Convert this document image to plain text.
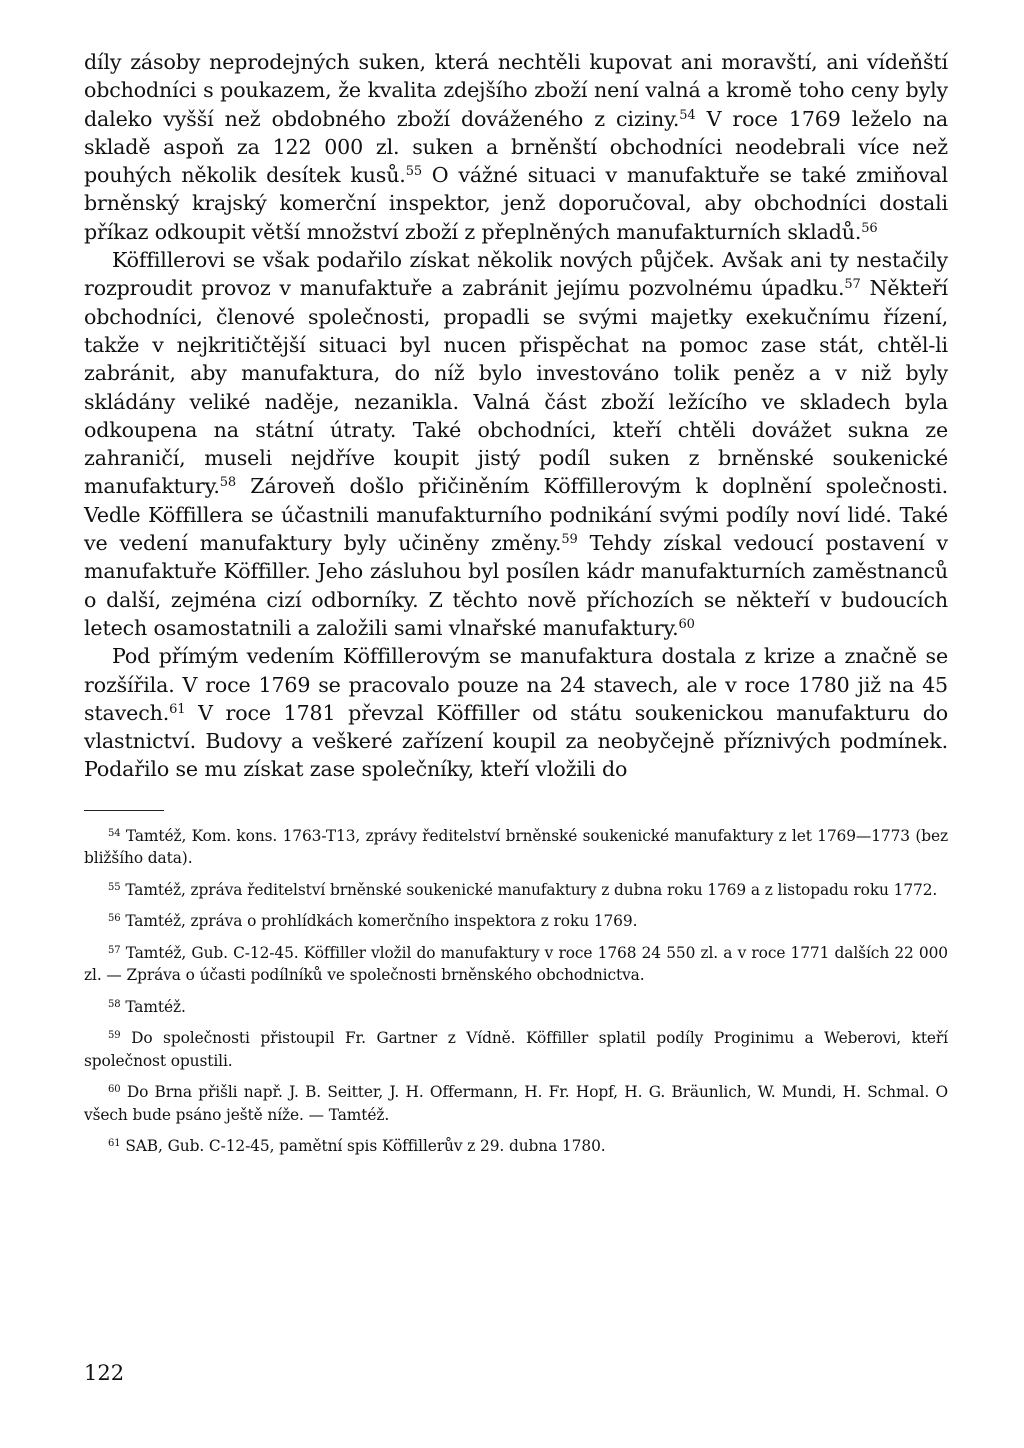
díly zásoby neprodejných suken, která nechtěli kupovat ani moravští, ani vídeňští obchodníci s poukazem, že kvalita zdejšího zboží není valná a kromě toho ceny byly daleko vyšší než obdobného zboží dováženého z ciziny.$^{54}$ V roce 1769 leželo na skladě aspoň za 122 000 zl. suken a brněnští obchodníci neodebrali více než pouhých několik desítek kusů.$^{55}$ O vážné situaci v manufaktuře se také zmiňoval brněnský krajský komerční inspektor, jenž doporučoval, aby obchodníci dostali příkaz odkoupit větší množství zboží z přeplněných manufakturních skladů.$^{56}$

Köffillerovi se však podařilo získat několik nových půjček. Avšak ani ty nestačily rozproudit provoz v manufaktuře a zabránit jejímu pozvolnému úpadku.$^{57}$ Někteří obchodníci, členové společnosti, propadli se svými majetky exekučnímu řízení, takže v nejkritičtější situaci byl nucen přispěchat na pomoc zase stát, chtěl-li zabránit, aby manufaktura, do níž bylo investováno tolik peněz a v niž byly skládány veliké naděje, nezanikla. Valná část zboží ležícího ve skladech byla odkoupena na státní útraty. Také obchodníci, kteří chtěli dovážet sukna ze zahraničí, museli nejdříve koupit jistý podíl suken z brněnské soukenické manufaktury.$^{58}$ Zároveň došlo přičiněním Köffillerovým k doplnění společnosti. Vedle Köffillera se účastnili manufakturního podnikání svými podíly noví lidé. Také ve vedení manufaktury byly učiněny změny.$^{59}$ Tehdy získal vedoucí postavení v manufaktuře Köffiller. Jeho zásluhou byl posílen kádr manufakturních zaměstnanců o další, zejména cizí odborníky. Z těchto nově příchozích se někteří v budoucích letech osamostatnili a založili sami vlnařské manufaktury.$^{60}$

Pod přímým vedením Köffillerovým se manufaktura dostala z krize a značně se rozšířila. V roce 1769 se pracovalo pouze na 24 stavech, ale v roce 1780 již na 45 stavech.$^{61}$ V roce 1781 převzal Köffiller od státu soukenickou manufakturu do vlastnictví. Budovy a veškeré zařízení koupil za neobyčejně příznivých podmínek. Podařilo se mu získat zase společníky, kteří vložili do

$^{54}$ Tamtéž, Kom. kons. 1763-T13, zprávy ředitelství brněnské soukenické manufaktury z let 1769—1773 (bez bližšího data).

$^{55}$ Tamtéž, zpráva ředitelství brněnské soukenické manufaktury z dubna roku 1769 a z listopadu roku 1772.

$^{56}$ Tamtéž, zpráva o prohlídkách komerčního inspektora z roku 1769.

$^{57}$ Tamtéž, Gub. C-12-45. Köffiller vložil do manufaktury v roce 1768 24 550 zl. a v roce 1771 dalších 22 000 zl. — Zpráva o účasti podílníků ve společnosti brněnského obchodnictva.

$^{58}$ Tamtéž.

$^{59}$ Do společnosti přistoupil Fr. Gartner z Vídně. Köffiller splatil podíly Proginimu a Weberovi, kteří společnost opustili.

$^{60}$ Do Brna přišli např. J. B. Seitter, J. H. Offermann, H. Fr. Hopf, H. G. Bräunlich, W. Mundi, H. Schmal. O všech bude psáno ještě níže. — Tamtéž.

$^{61}$ SAB, Gub. C-12-45, pamětní spis Köffillerův z 29. dubna 1780.

122
